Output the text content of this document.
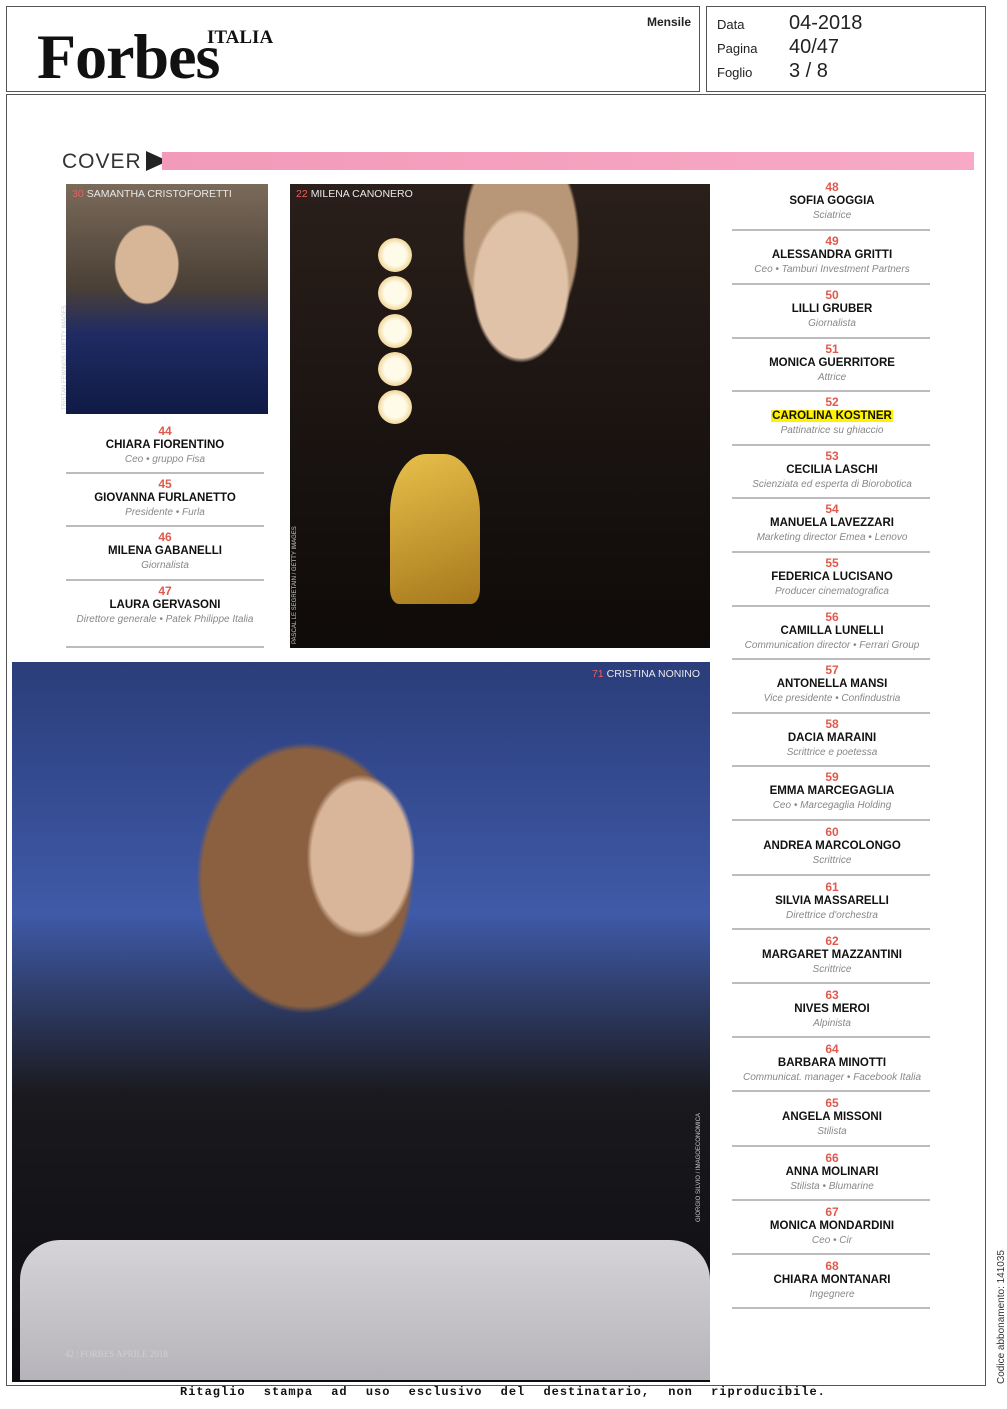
Forbes
ITALIA
Mensile Data 04-2018
Pagina 40/47
Foglio 3 / 8
COVER
30 SAMANTHA CRISTOFORETTI
TRISTAN FEWINGS / GETTY IMAGES
22 MILENA CANONERO
PASCAL LE SEGRETAIN / GETTY IMAGES
71 CRISTINA NONINO
GIORGIO SILVIO / IMAGOECONOMICA
44
CHIARA FIORENTINO
Ceo • gruppo Fisa
45
GIOVANNA FURLANETTO
Presidente • Furla
46
MILENA GABANELLI
Giornalista
47
LAURA GERVASONI
Direttore generale • Patek Philippe Italia
48
SOFIA GOGGIA
Sciatrice
49
ALESSANDRA GRITTI
Ceo • Tamburi Investment Partners
50
LILLI GRUBER
Giornalista
51
MONICA GUERRITORE
Attrice
52
CAROLINA KOSTNER
Pattinatrice su ghiaccio
53
CECILIA LASCHI
Scienziata ed esperta di Biorobotica
54
MANUELA LAVEZZARI
Marketing director Emea • Lenovo
55
FEDERICA LUCISANO
Producer cinematografica
56
CAMILLA LUNELLI
Communication director • Ferrari Group
57
ANTONELLA MANSI
Vice presidente • Confindustria
58
DACIA MARAINI
Scrittrice e poetessa
59
EMMA MARCEGAGLIA
Ceo • Marcegaglia Holding
60
ANDREA MARCOLONGO
Scrittrice
61
SILVIA MASSARELLI
Direttrice d'orchestra
62
MARGARET MAZZANTINI
Scrittrice
63
NIVES MEROI
Alpinista
64
BARBARA MINOTTI
Communicat. manager • Facebook Italia
65
ANGELA MISSONI
Stilista
66
ANNA MOLINARI
Stilista • Blumarine
67
MONICA MONDARDINI
Ceo • Cir
68
CHIARA MONTANARI
Ingegnere
Ritaglio stampa ad uso esclusivo del destinatario, non riproducibile.
Codice abbonamento: 141035
